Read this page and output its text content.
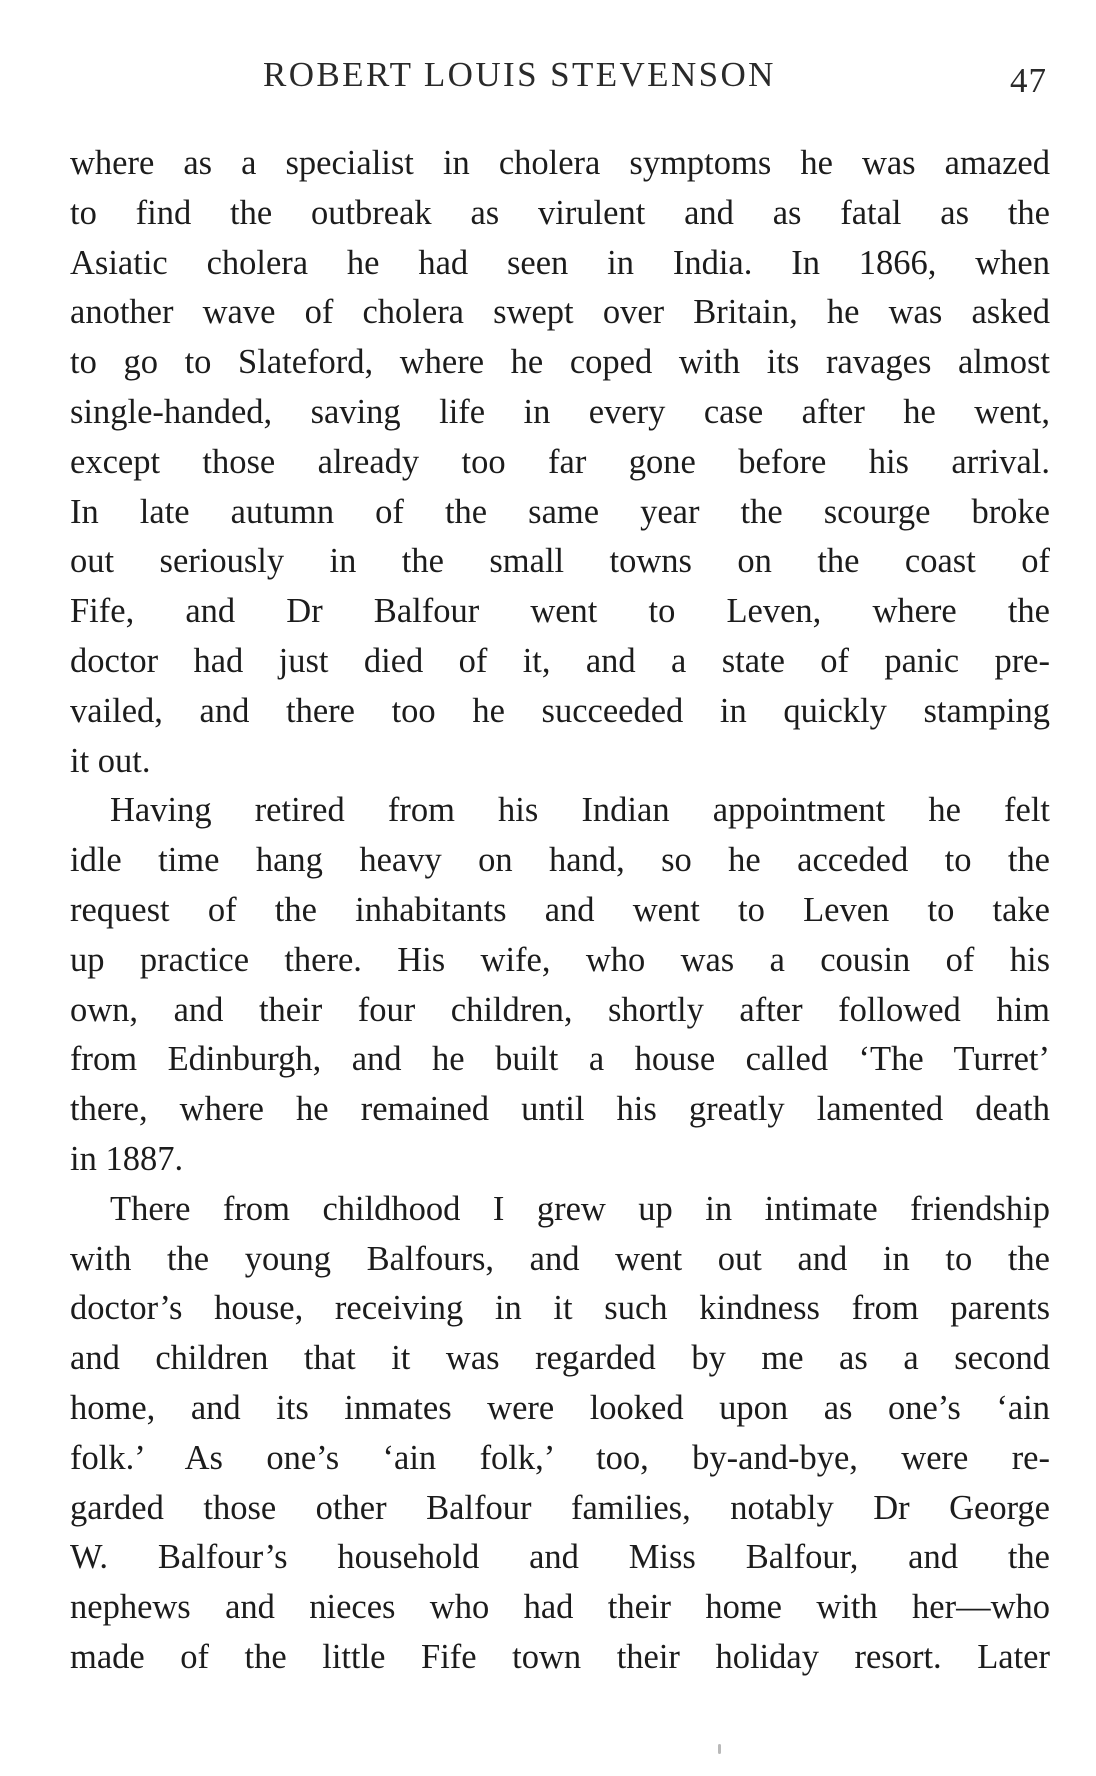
ROBERT LOUIS STEVENSON	47
where as a specialist in cholera symptoms he was amazed
to find the outbreak as virulent and as fatal as the
Asiatic cholera he had seen in India. In 1866, when
another wave of cholera swept over Britain, he was asked
to go to Slateford, where he coped with its ravages almost
single-handed, saving life in every case after he went,
except those already too far gone before his arrival.
In late autumn of the same year the scourge broke
out seriously in the small towns on the coast of
Fife, and Dr Balfour went to Leven, where the
doctor had just died of it, and a state of panic pre-
vailed, and there too he succeeded in quickly stamping
it out.
Having retired from his Indian appointment he felt
idle time hang heavy on hand, so he acceded to the
request of the inhabitants and went to Leven to take
up practice there. His wife, who was a cousin of his
own, and their four children, shortly after followed him
from Edinburgh, and he built a house called ‘The Turret’
there, where he remained until his greatly lamented death
in 1887.
There from childhood I grew up in intimate friendship
with the young Balfours, and went out and in to the
doctor’s house, receiving in it such kindness from parents
and children that it was regarded by me as a second
home, and its inmates were looked upon as one’s ‘ain
folk.’ As one’s ‘ain folk,’ too, by-and-bye, were re-
garded those other Balfour families, notably Dr George
W. Balfour’s household and Miss Balfour, and the
nephews and nieces who had their home with her—who
made of the little Fife town their holiday resort. Later
